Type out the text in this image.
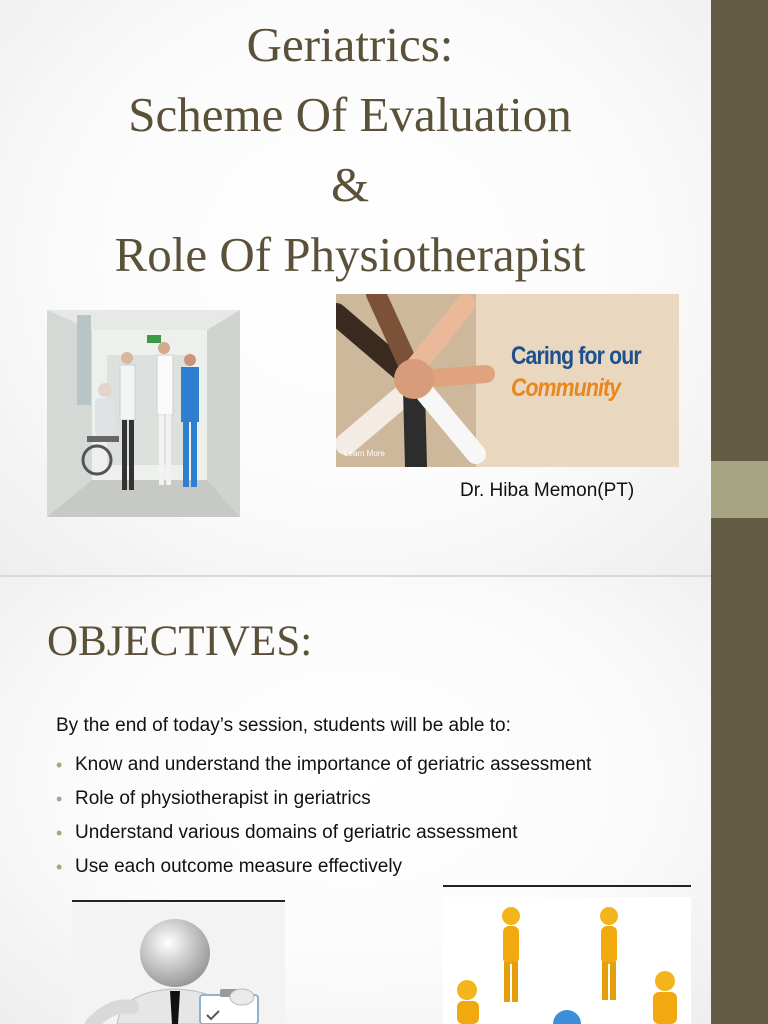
Geriatrics:
Scheme Of Evaluation
&
Role Of Physiotherapist
Caring for our
Community
Learn More
Dr. Hiba Memon(PT)
OBJECTIVES:
By the end of today’s session, students will be able to:
• Know and understand the importance of geriatric assessment
• Role of physiotherapist in geriatrics
• Understand various domains of geriatric assessment
• Use each outcome measure effectively
